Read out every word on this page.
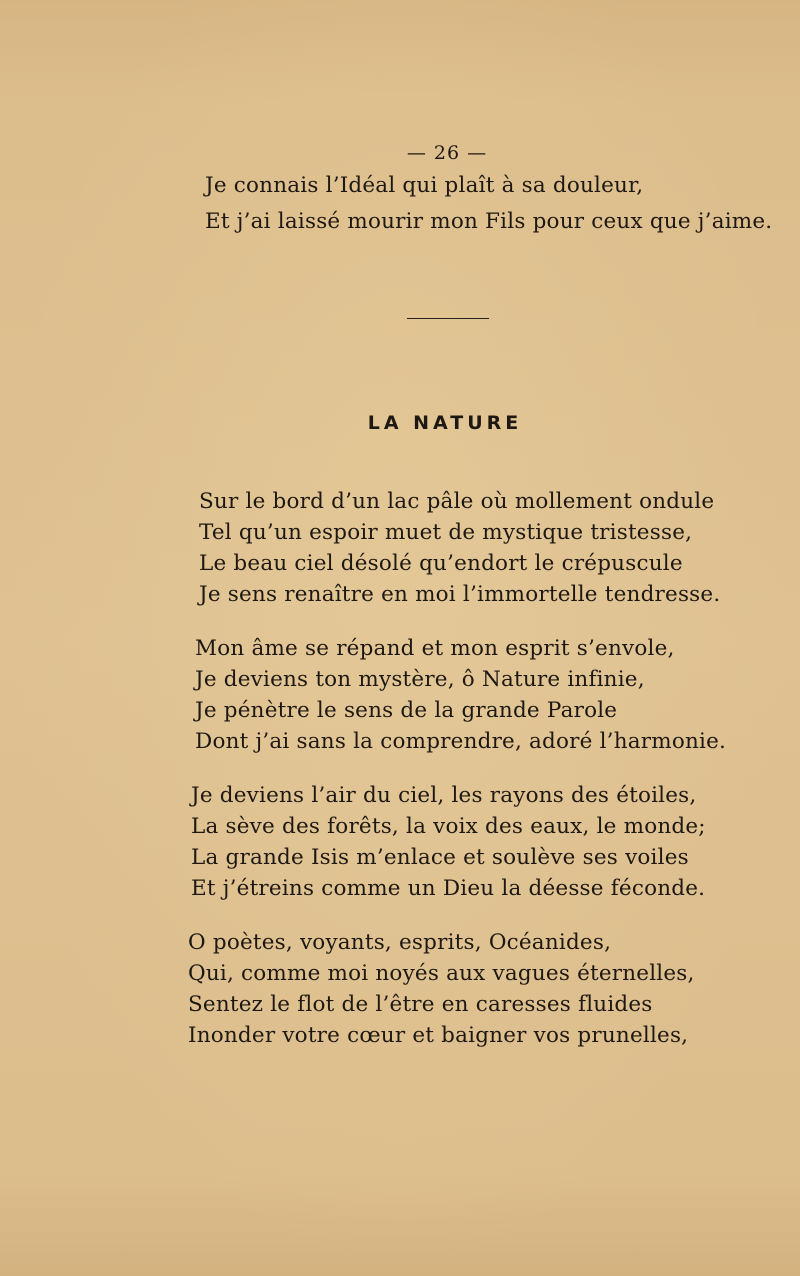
— 26 —
Je connais l’Idéal qui plaît à sa douleur,
Et j’ai laissé mourir mon Fils pour ceux que j’aime.
LA NATURE
Sur le bord d’un lac pâle où mollement ondule
Tel qu’un espoir muet de mystique tristesse,
Le beau ciel désolé qu’endort le crépuscule
Je sens renaître en moi l’immortelle tendresse.
Mon âme se répand et mon esprit s’envole,
Je deviens ton mystère, ô Nature infinie,
Je pénètre le sens de la grande Parole
Dont j’ai sans la comprendre, adoré l’harmonie.
Je deviens l’air du ciel, les rayons des étoiles,
La sève des forêts, la voix des eaux, le monde;
La grande Isis m’enlace et soulève ses voiles
Et j’étreins comme un Dieu la déesse féconde.
O poètes, voyants, esprits, Océanides,
Qui, comme moi noyés aux vagues éternelles,
Sentez le flot de l’être en caresses fluides
Inonder votre cœur et baigner vos prunelles,
